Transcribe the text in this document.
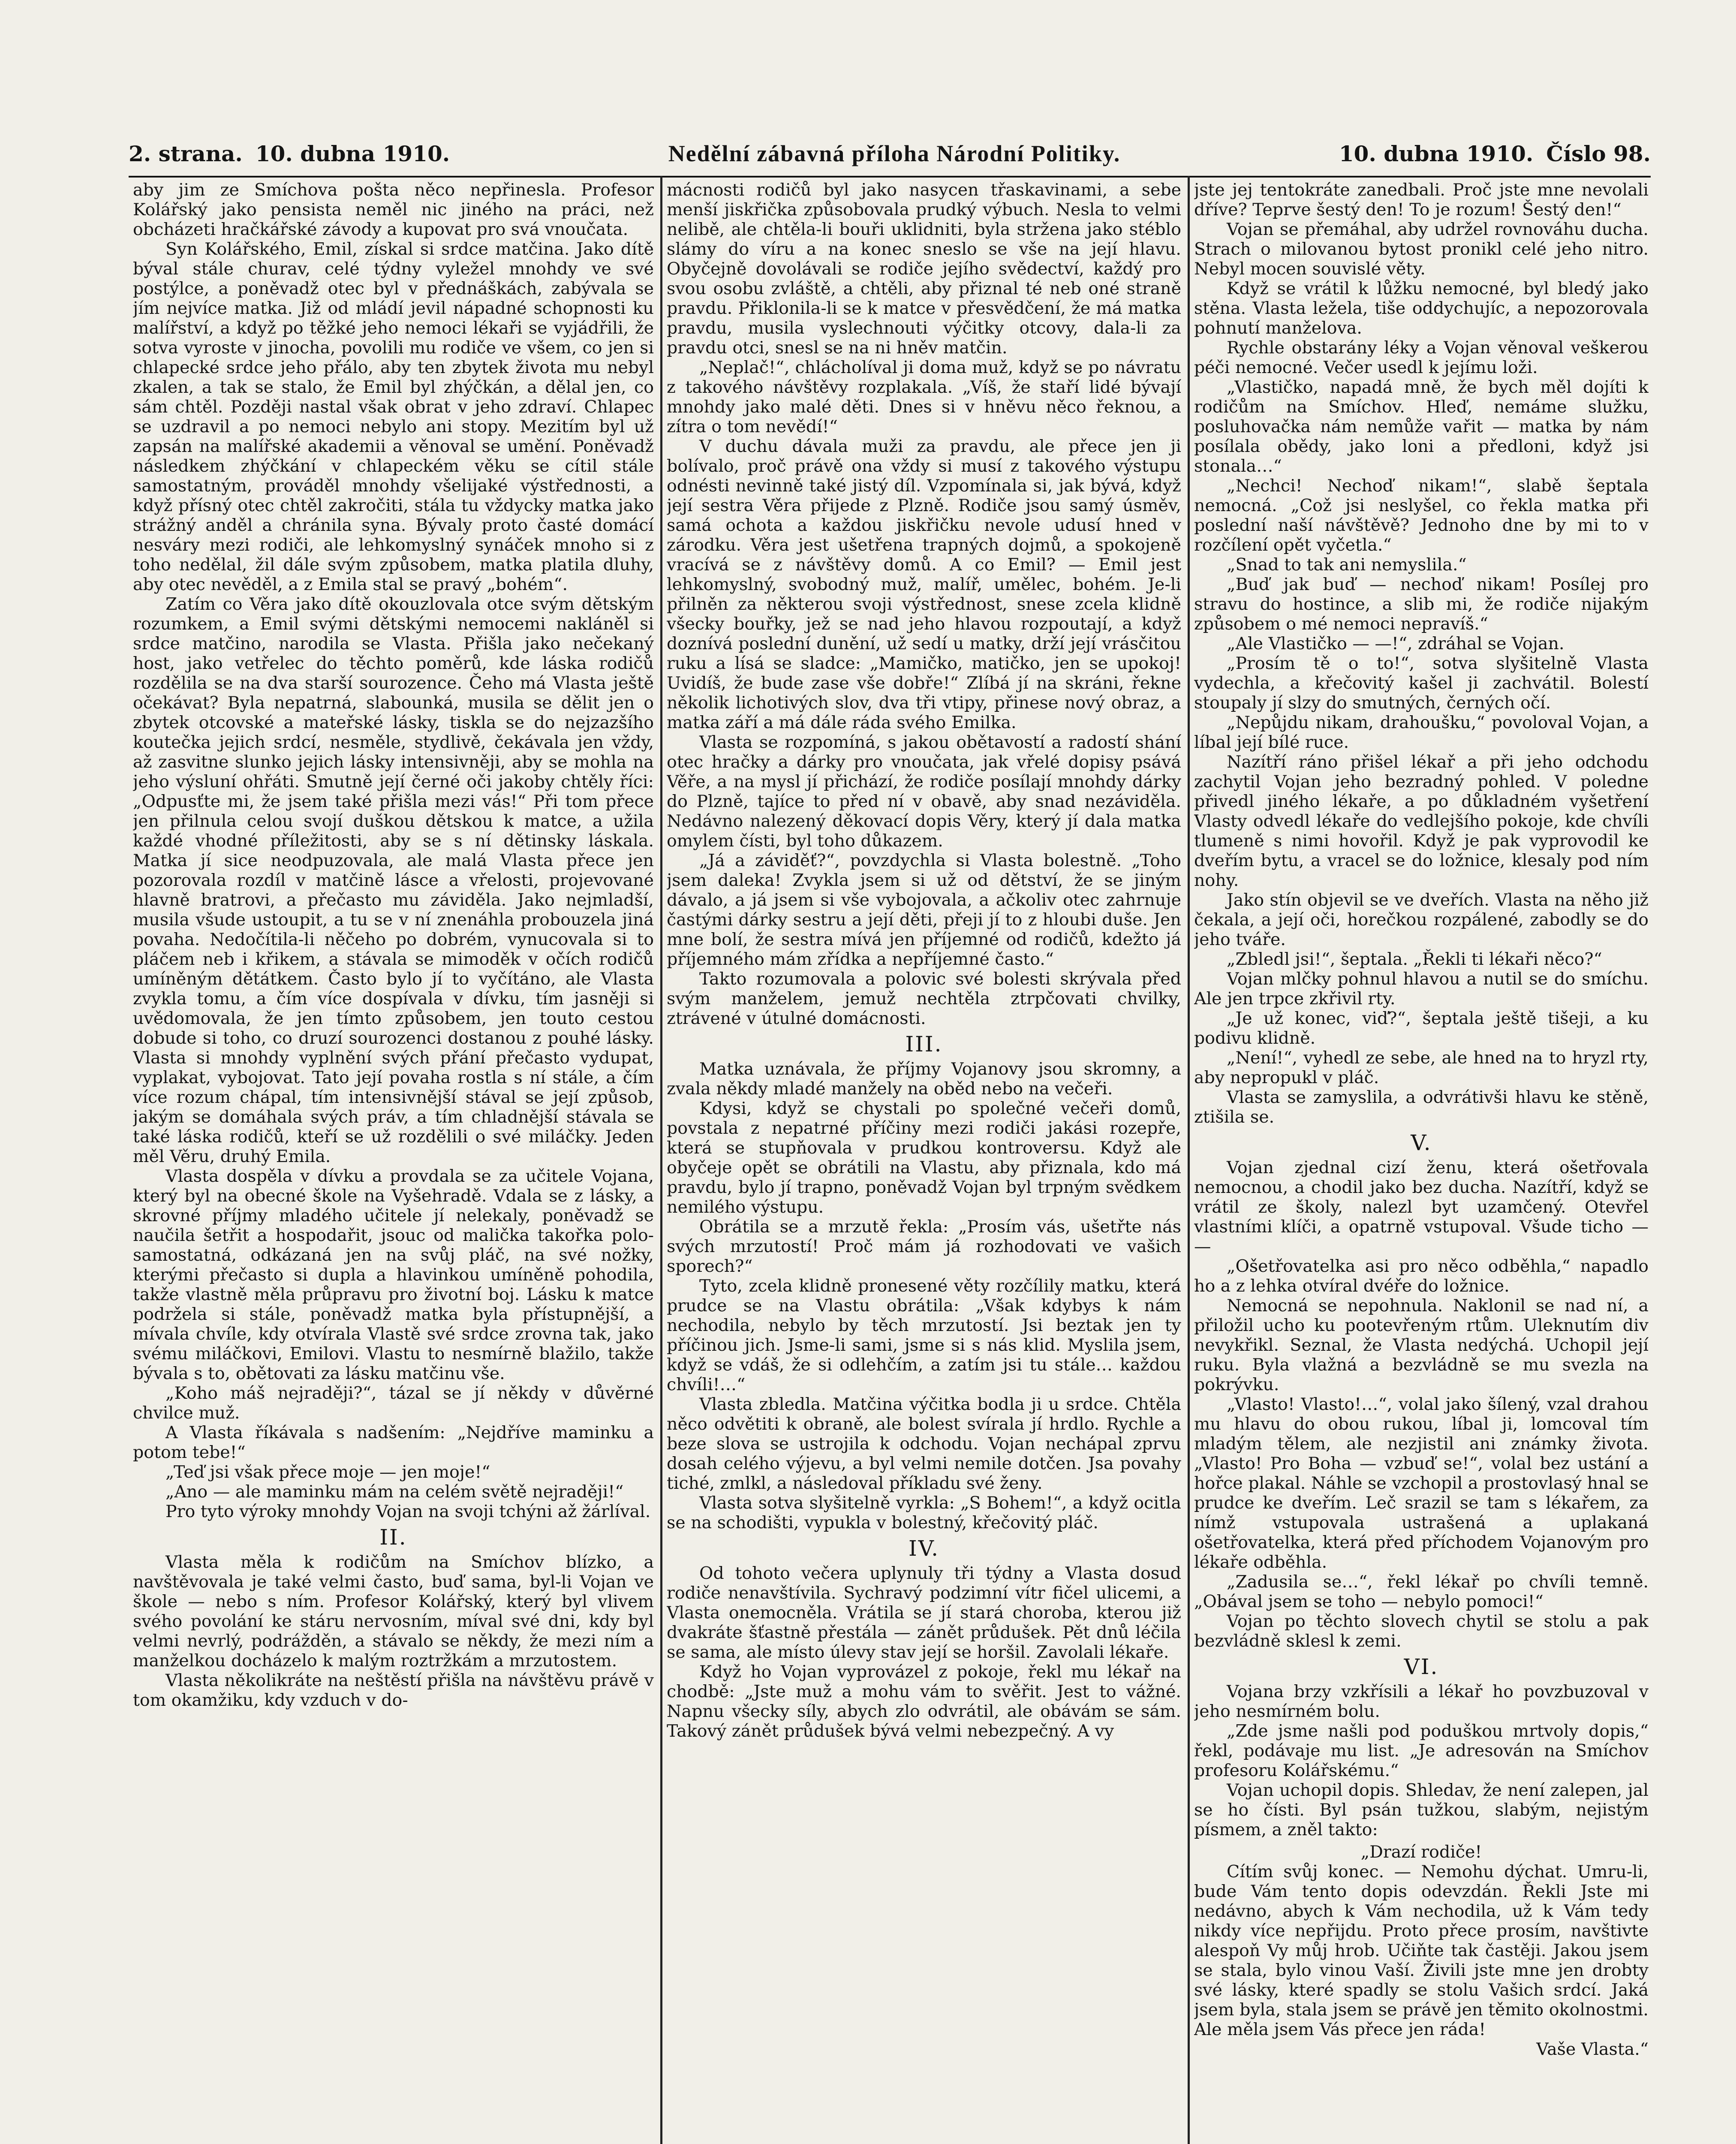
2. strana. 10. dubna 1910.	Nedělní zábavná příloha Národní Politiky.	10. dubna 1910. Číslo 98.

aby jim ze Smíchova pošta něco nepřinesla. Profesor Kolářský jako pensista neměl nic jiného na práci, než obcházeti hračkářské závody a kupovat pro svá vnoučata.

Syn Kolářského, Emil, získal si srdce matčina. Jako dítě býval stále churav, celé týdny vyležel mnohdy ve své postýlce, a poněvadž otec byl v přednáškách, zabývala se jím nejvíce matka. Již od mládí jevil nápadné schopnosti ku malířství, a když po těžké jeho nemoci lékaři se vyjádřili, že sotva vyroste v jinocha, povolili mu rodiče ve všem, co jen si chlapecké srdce jeho přálo, aby ten zbytek života mu nebyl zkalen, a tak se stalo, že Emil byl zhýčkán, a dělal jen, co sám chtěl. Později nastal však obrat v jeho zdraví. Chlapec se uzdravil a po nemoci nebylo ani stopy. Mezitím byl už zapsán na malířské akademii a věnoval se umění. Poněvadž následkem zhýčkání v chlapeckém věku se cítil stále samostatným, prováděl mnohdy všelijaké výstřednosti, a když přísný otec chtěl zakročiti, stála tu vždycky matka jako strážný anděl a chránila syna. Bývaly proto časté domácí nesváry mezi rodiči, ale lehkomyslný synáček mnoho si z toho nedělal, žil dále svým způsobem, matka platila dluhy, aby otec nevěděl, a z Emila stal se pravý „bohém“.

Zatím co Věra jako dítě okouzlovala otce svým dětským rozumkem, a Emil svými dětskými nemocemi nakláněl si srdce matčino, narodila se Vlasta. Přišla jako nečekaný host, jako vetřelec do těchto poměrů, kde láska rodičů rozdělila se na dva starší sourozence. Čeho má Vlasta ještě očekávat? Byla nepatrná, slabounká, musila se dělit jen o zbytek otcovské a mateřské lásky, tiskla se do nejzazšího koutečka jejich srdcí, nesměle, stydlivě, čekávala jen vždy, až zasvitne slunko jejich lásky intensivněji, aby se mohla na jeho výsluní ohřáti. Smutně její černé oči jakoby chtěly říci: „Odpusťte mi, že jsem také přišla mezi vás!“ Při tom přece jen přilnula celou svojí duškou dětskou k matce, a užila každé vhodné příležitosti, aby se s ní dětinsky láskala. Matka jí sice neodpuzovala, ale malá Vlasta přece jen pozorovala rozdíl v matčině lásce a vřelosti, projevované hlavně bratrovi, a přečasto mu záviděla. Jako nejmladší, musila všude ustoupit, a tu se v ní znenáhla probouzela jiná povaha. Nedočítila-li něčeho po dobrém, vynucovala si to pláčem neb i křikem, a stávala se mimoděk v očích rodičů umíněným dětátkem. Často bylo jí to vyčítáno, ale Vlasta zvykla tomu, a čím více dospívala v dívku, tím jasněji si uvědomovala, že jen tímto způsobem, jen touto cestou dobude si toho, co druzí sourozenci dostanou z pouhé lásky. Vlasta si mnohdy vyplnění svých přání přečasto vydupat, vyplakat, vybojovat. Tato její povaha rostla s ní stále, a čím více rozum chápal, tím intensivnější stával se její způsob, jakým se domáhala svých práv, a tím chladnější stávala se také láska rodičů, kteří se už rozdělili o své miláčky. Jeden měl Věru, druhý Emila.

Vlasta dospěla v dívku a provdala se za učitele Vojana, který byl na obecné škole na Vyšehradě. Vdala se z lásky, a skrovné příjmy mladého učitele jí nelekaly, poněvadž se naučila šetřit a hospodařit, jsouc od malička takořka polo-samostatná, odkázaná jen na svůj pláč, na své nožky, kterými přečasto si dupla a hlavinkou umíněně pohodila, takže vlastně měla průpravu pro životní boj. Lásku k matce podržela si stále, poněvadž matka byla přístupnější, a mívala chvíle, kdy otvírala Vlastě své srdce zrovna tak, jako svému miláčkovi, Emilovi. Vlastu to nesmírně blažilo, takže bývala s to, obětovati za lásku matčinu vše.

„Koho máš nejraději?“, tázal se jí někdy v důvěrné chvilce muž.

A Vlasta říkávala s nadšením: „Nejdříve maminku a potom tebe!“

„Teď jsi však přece moje — jen moje!“

„Ano — ale maminku mám na celém světě nejraději!“

Pro tyto výroky mnohdy Vojan na svoji tchýni až žárlíval.

II.

Vlasta měla k rodičům na Smíchov blízko, a navštěvovala je také velmi často, buď sama, byl-li Vojan ve škole — nebo s ním. Profesor Kolářský, který byl vlivem svého povolání ke stáru nervosním, míval své dni, kdy byl velmi nevrlý, podrážděn, a stávalo se někdy, že mezi ním a manželkou docházelo k malým roztržkám a mrzutostem.

Vlasta několikráte na neštěstí přišla na návštěvu právě v tom okamžiku, kdy vzduch v do-

mácnosti rodičů byl jako nasycen třaskavinami, a sebe menší jiskřička způsobovala prudký výbuch. Nesla to velmi nelibě, ale chtěla-li bouři uklidniti, byla stržena jako stéblo slámy do víru a na konec sneslo se vše na její hlavu. Obyčejně dovolávali se rodiče jejího svědectví, každý pro svou osobu zvláště, a chtěli, aby přiznal té neb oné straně pravdu. Přiklonila-li se k matce v přesvědčení, že má matka pravdu, musila vyslechnouti výčitky otcovy, dala-li za pravdu otci, snesl se na ni hněv matčin.

„Neplač!“, chlácholíval ji doma muž, když se po návratu z takového návštěvy rozplakala. „Víš, že staří lidé bývají mnohdy jako malé děti. Dnes si v hněvu něco řeknou, a zítra o tom nevědí!“

V duchu dávala muži za pravdu, ale přece jen ji bolívalo, proč právě ona vždy si musí z takového výstupu odnésti nevinně také jistý díl. Vzpomínala si, jak bývá, když její sestra Věra přijede z Plzně. Rodiče jsou samý úsměv, samá ochota a každou jiskřičku nevole udusí hned v zárodku. Věra jest ušetřena trapných dojmů, a spokojeně vracívá se z návštěvy domů. A co Emil? — Emil jest lehkomyslný, svobodný muž, malíř, umělec, bohém. Je-li přilněn za některou svoji výstřednost, snese zcela klidně všecky bouřky, jež se nad jeho hlavou rozpoutají, a když doznívá poslední dunění, už sedí u matky, drží její vrásčitou ruku a lísá se sladce: „Mamičko, matičko, jen se upokoj! Uvidíš, že bude zase vše dobře!“ Zlíbá jí na skráni, řekne několik lichotivých slov, dva tři vtipy, přinese nový obraz, a matka září a má dále ráda svého Emilka.

Vlasta se rozpomíná, s jakou obětavostí a radostí shání otec hračky a dárky pro vnoučata, jak vřelé dopisy psává Věře, a na mysl jí přichází, že rodiče posílají mnohdy dárky do Plzně, tajíce to před ní v obavě, aby snad nezáviděla. Nedávno nalezený děkovací dopis Věry, který jí dala matka omylem čísti, byl toho důkazem.

„Já a záviděť?“, povzdychla si Vlasta bolestně. „Toho jsem daleka! Zvykla jsem si už od dětství, že se jiným dávalo, a já jsem si vše vybojovala, a ačkoliv otec zahrnuje častými dárky sestru a její děti, přeji jí to z hloubi duše. Jen mne bolí, že sestra mívá jen příjemné od rodičů, kdežto já příjemného mám zřídka a nepříjemné často.“

Takto rozumovala a polovic své bolesti skrývala před svým manželem, jemuž nechtěla ztrpčovati chvilky, ztrávené v útulné domácnosti.

III.

Matka uznávala, že příjmy Vojanovy jsou skromny, a zvala někdy mladé manžely na oběd nebo na večeři.

Kdysi, když se chystali po společné večeři domů, povstala z nepatrné příčiny mezi rodiči jakási rozepře, která se stupňovala v prudkou kontroversu. Když ale obyčeje opět se obrátili na Vlastu, aby přiznala, kdo má pravdu, bylo jí trapno, poněvadž Vojan byl trpným svědkem nemilého výstupu.

Obrátila se a mrzutě řekla: „Prosím vás, ušetřte nás svých mrzutostí! Proč mám já rozhodovati ve vašich sporech?“

Tyto, zcela klidně pronesené věty rozčílily matku, která prudce se na Vlastu obrátila: „Však kdybys k nám nechodila, nebylo by těch mrzutostí. Jsi beztak jen ty příčinou jich. Jsme-li sami, jsme si s nás klid. Myslila jsem, když se vdáš, že si odlehčím, a zatím jsi tu stále… každou chvíli!…“

Vlasta zbledla. Matčina výčitka bodla ji u srdce. Chtěla něco odvětiti k obraně, ale bolest svírala jí hrdlo. Rychle a beze slova se ustrojila k odchodu. Vojan nechápal zprvu dosah celého výjevu, a byl velmi nemile dotčen. Jsa povahy tiché, zmlkl, a následoval příkladu své ženy.

Vlasta sotva slyšitelně vyrkla: „S Bohem!“, a když ocitla se na schodišti, vypukla v bolestný, křečovitý pláč.

IV.

Od tohoto večera uplynuly tři týdny a Vlasta dosud rodiče nenavštívila. Sychravý podzimní vítr fičel ulicemi, a Vlasta onemocněla. Vrátila se jí stará choroba, kterou již dvakráte šťastně přestála — zánět průdušek. Pět dnů léčila se sama, ale místo úlevy stav její se horšil. Zavolali lékaře.

Když ho Vojan vyprovázel z pokoje, řekl mu lékař na chodbě: „Jste muž a mohu vám to svěřit. Jest to vážné. Napnu všecky síly, abych zlo odvrátil, ale obávám se sám. Takový zánět průdušek bývá velmi nebezpečný. A vy

jste jej tentokráte zanedbali. Proč jste mne nevolali dříve? Teprve šestý den! To je rozum! Šestý den!“

Vojan se přemáhal, aby udržel rovnováhu ducha. Strach o milovanou bytost pronikl celé jeho nitro. Nebyl mocen souvislé věty.

Když se vrátil k lůžku nemocné, byl bledý jako stěna. Vlasta ležela, tiše oddychujíc, a nepozorovala pohnutí manželova.

Rychle obstarány léky a Vojan věnoval veškerou péči nemocné. Večer usedl k jejímu loži.

„Vlastičko, napadá mně, že bych měl dojíti k rodičům na Smíchov. Hleď, nemáme služku, posluhovačka nám nemůže vařit — matka by nám posílala obědy, jako loni a předloni, když jsi stonala…“

„Nechci! Nechoď nikam!“, slabě šeptala nemocná. „Což jsi neslyšel, co řekla matka při poslední naší návštěvě? Jednoho dne by mi to v rozčílení opět vyčetla.“

„Snad to tak ani nemyslila.“

„Buď jak buď — nechoď nikam! Posílej pro stravu do hostince, a slib mi, že rodiče nijakým způsobem o mé nemoci nepravíš.“

„Ale Vlastičko — —!“, zdráhal se Vojan.

„Prosím tě o to!“, sotva slyšitelně Vlasta vydechla, a křečovitý kašel ji zachvátil. Bolestí stoupaly jí slzy do smutných, černých očí.

„Nepůjdu nikam, drahoušku,“ povoloval Vojan, a líbal její bílé ruce.

Nazítří ráno přišel lékař a při jeho odchodu zachytil Vojan jeho bezradný pohled. V poledne přivedl jiného lékaře, a po důkladném vyšetření Vlasty odvedl lékaře do vedlejšího pokoje, kde chvíli tlumeně s nimi hovořil. Když je pak vyprovodil ke dveřím bytu, a vracel se do ložnice, klesaly pod ním nohy.

Jako stín objevil se ve dveřích. Vlasta na něho již čekala, a její oči, horečkou rozpálené, zabodly se do jeho tváře.

„Zbledl jsi!“, šeptala. „Řekli ti lékaři něco?“

Vojan mlčky pohnul hlavou a nutil se do smíchu. Ale jen trpce zkřivil rty.

„Je už konec, viď?“, šeptala ještě tišeji, a ku podivu klidně.

„Není!“, vyhedl ze sebe, ale hned na to hryzl rty, aby nepropukl v pláč.

Vlasta se zamyslila, a odvrátivši hlavu ke stěně, ztišila se.

V.

Vojan zjednal cizí ženu, která ošetřovala nemocnou, a chodil jako bez ducha. Nazítří, když se vrátil ze školy, nalezl byt uzamčený. Otevřel vlastními klíči, a opatrně vstupoval. Všude ticho — —

„Ošetřovatelka asi pro něco odběhla,“ napadlo ho a z lehka otvíral dvéře do ložnice.

Nemocná se nepohnula. Naklonil se nad ní, a přiložil ucho ku pootevřeným rtům. Uleknutím div nevykřikl. Seznal, že Vlasta nedýchá. Uchopil její ruku. Byla vlažná a bezvládně se mu svezla na pokrývku.

„Vlasto! Vlasto!…“, volal jako šílený, vzal drahou mu hlavu do obou rukou, líbal ji, lomcoval tím mladým tělem, ale nezjistil ani známky života. „Vlasto! Pro Boha — vzbuď se!“, volal bez ustání a hořce plakal. Náhle se vzchopil a prostovlasý hnal se prudce ke dveřím. Leč srazil se tam s lékařem, za nímž vstupovala ustrašená a uplakaná ošetřovatelka, která před příchodem Vojanovým pro lékaře odběhla.

„Zadusila se…“, řekl lékař po chvíli temně. „Obával jsem se toho — nebylo pomoci!“

Vojan po těchto slovech chytil se stolu a pak bezvládně sklesl k zemi.

VI.

Vojana brzy vzkřísili a lékař ho povzbuzoval v jeho nesmírném bolu.

„Zde jsme našli pod poduškou mrtvoly dopis,“ řekl, podávaje mu list. „Je adresován na Smíchov profesoru Kolářskému.“

Vojan uchopil dopis. Shledav, že není zalepen, jal se ho čísti. Byl psán tužkou, slabým, nejistým písmem, a zněl takto:

„Drazí rodiče!

Cítím svůj konec. — Nemohu dýchat. Umru-li, bude Vám tento dopis odevzdán. Řekli Jste mi nedávno, abych k Vám nechodila, už k Vám tedy nikdy více nepřijdu. Proto přece prosím, navštivte alespoň Vy můj hrob. Učiňte tak častěji. Jakou jsem se stala, bylo vinou Vaší. Živili jste mne jen drobty své lásky, které spadly se stolu Vašich srdcí. Jaká jsem byla, stala jsem se právě jen těmito okolnostmi. Ale měla jsem Vás přece jen ráda!

Vaše Vlasta.“
